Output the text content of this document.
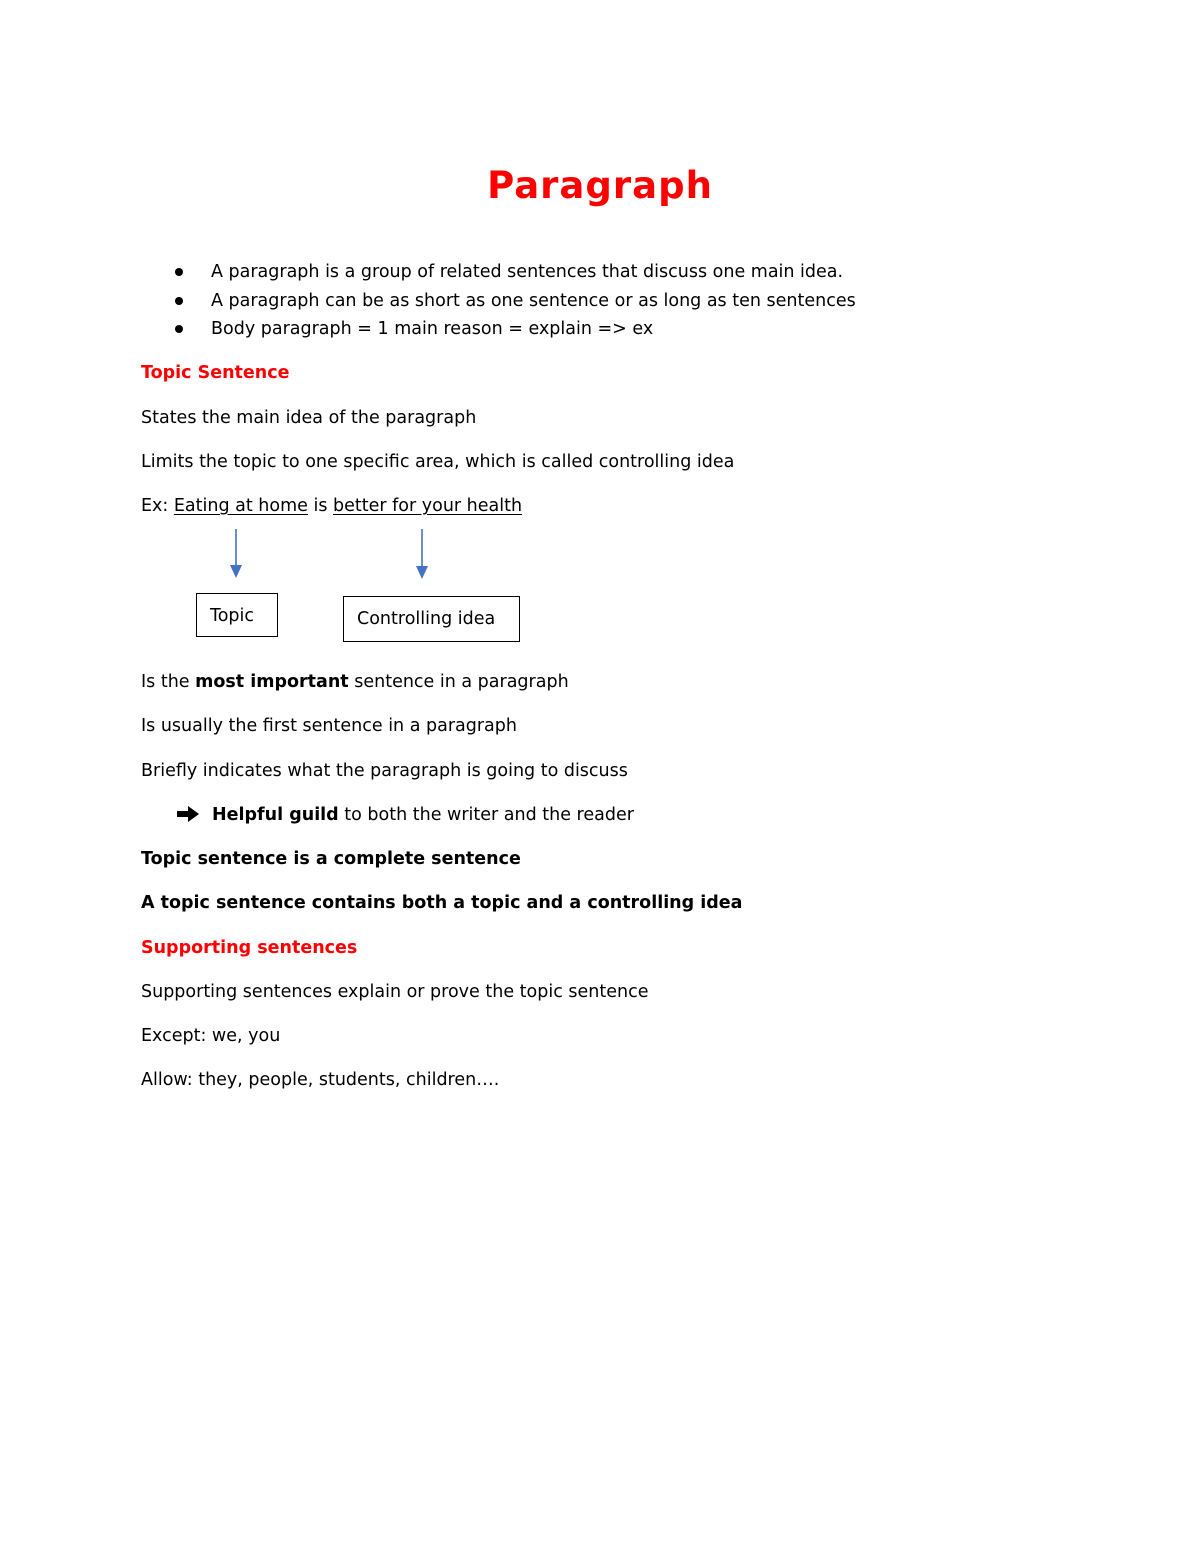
Paragraph
A paragraph is a group of related sentences that discuss one main idea.
A paragraph can be as short as one sentence or as long as ten sentences
Body paragraph = 1 main reason = explain => ex
Topic Sentence
States the main idea of the paragraph
Limits the topic to one specific area, which is called controlling idea
Ex: Eating at home is better for your health
Topic	Controlling idea
Is the most important sentence in a paragraph
Is usually the first sentence in a paragraph
Briefly indicates what the paragraph is going to discuss
Helpful guild to both the writer and the reader
Topic sentence is a complete sentence
A topic sentence contains both a topic and a controlling idea
Supporting sentences
Supporting sentences explain or prove the topic sentence
Except: we, you
Allow: they, people, students, children….
